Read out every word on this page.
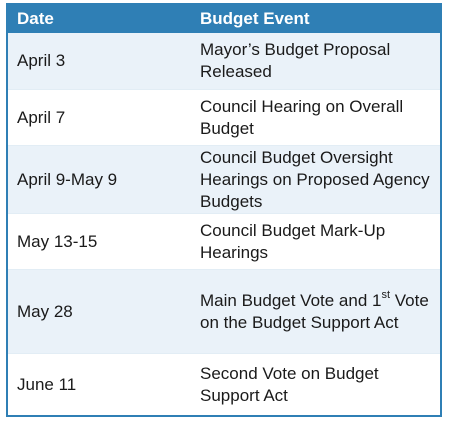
Date	Budget Event
April 3
Mayor’s Budget Proposal Released
April 7
Council Hearing on Overall Budget
April 9-May 9
Council Budget Oversight Hearings on Proposed Agency Budgets
May 13-15
Council Budget Mark-Up Hearings
May 28
Main Budget Vote and 1st Vote on the Budget Support Act
June 11
Second Vote on Budget Support Act
